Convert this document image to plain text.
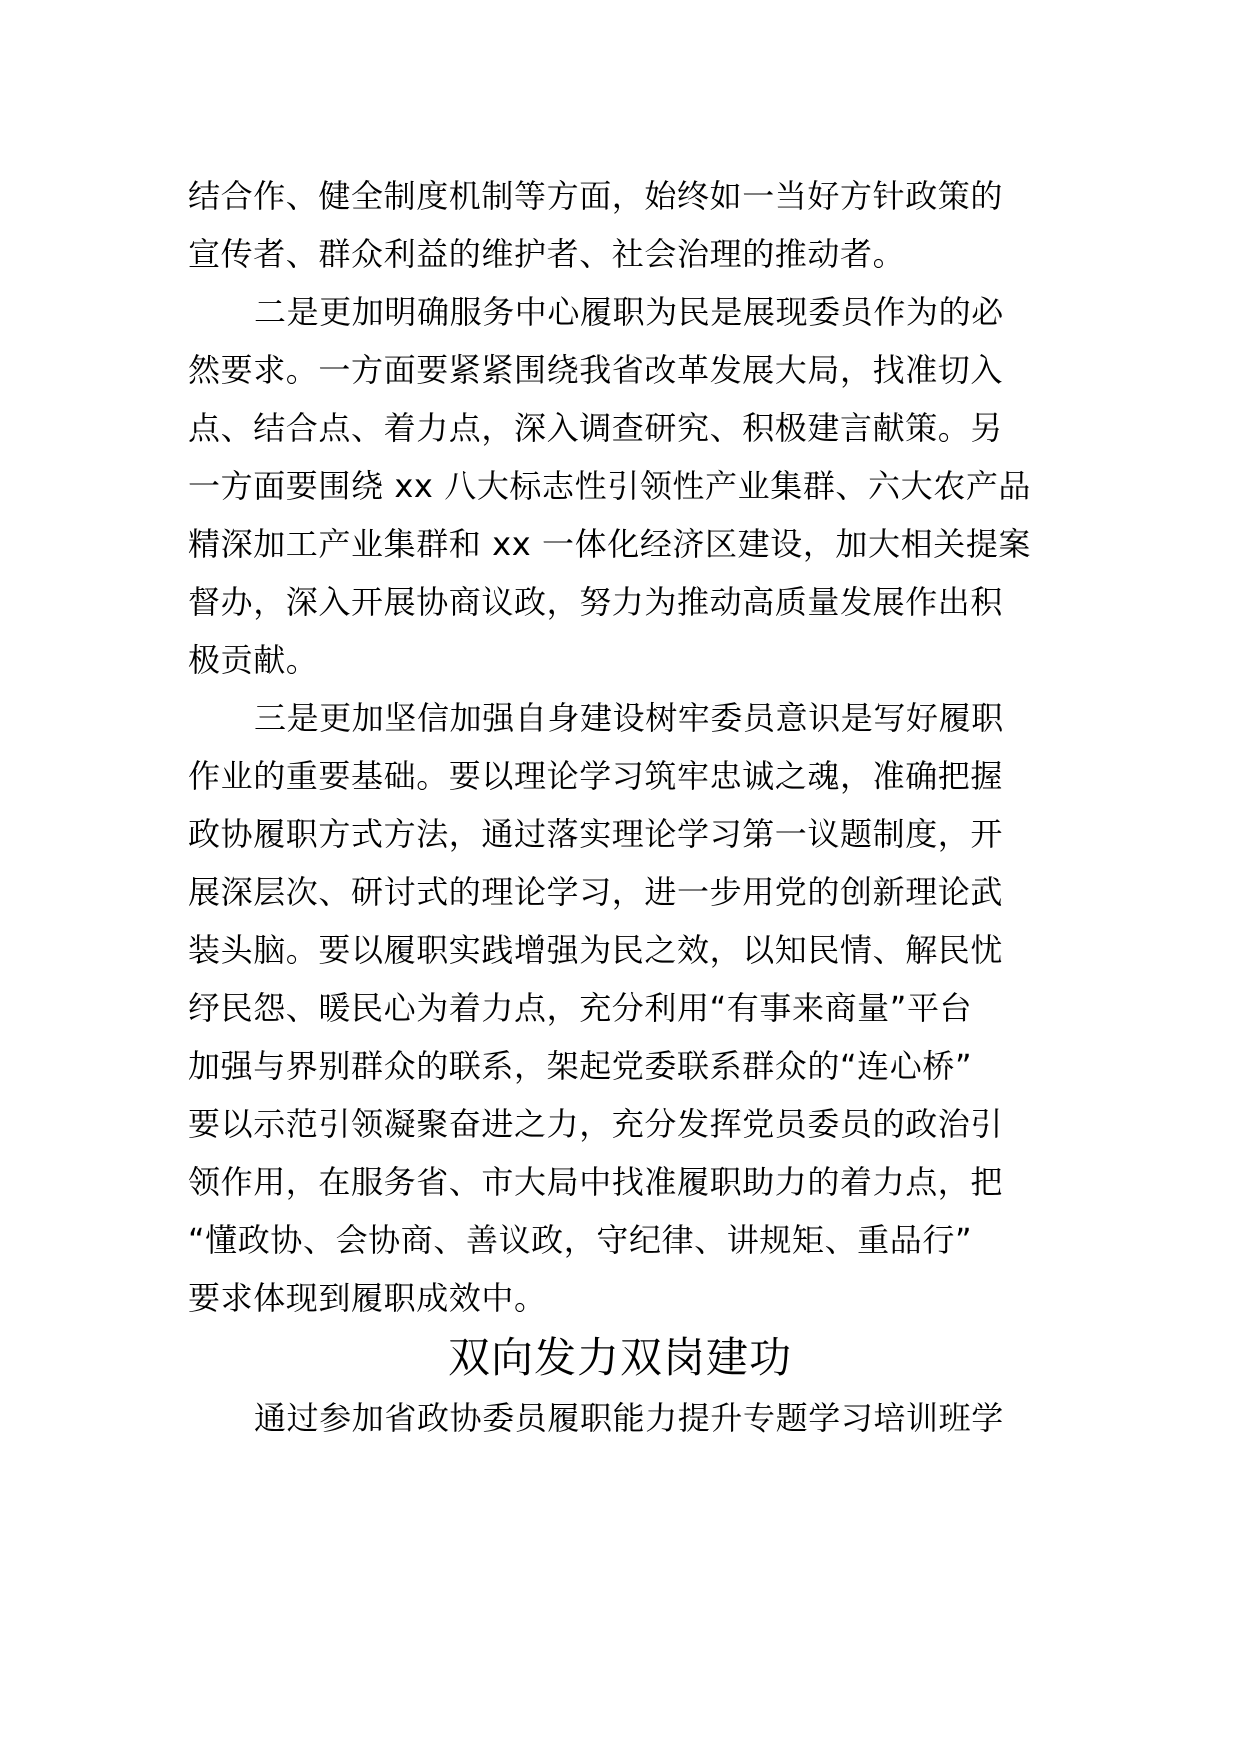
结合作、健全制度机制等方面，始终如一当好方针政策的
宣传者、群众利益的维护者、社会治理的推动者。
二是更加明确服务中心履职为民是展现委员作为的必
然要求。一方面要紧紧围绕我省改革发展大局，找准切入
点、结合点、着力点，深入调查研究、积极建言献策。另
一方面要围绕 xx 八大标志性引领性产业集群、六大农产品
精深加工产业集群和 xx 一体化经济区建设，加大相关提案
督办，深入开展协商议政，努力为推动高质量发展作出积
极贡献。
三是更加坚信加强自身建设树牢委员意识是写好履职
作业的重要基础。要以理论学习筑牢忠诚之魂，准确把握
政协履职方式方法，通过落实理论学习第一议题制度，开
展深层次、研讨式的理论学习，进一步用党的创新理论武
装头脑。要以履职实践增强为民之效，以知民情、解民忧
纾民怨、暖民心为着力点，充分利用“有事来商量”平台
加强与界别群众的联系，架起党委联系群众的“连心桥”
要以示范引领凝聚奋进之力，充分发挥党员委员的政治引
领作用，在服务省、市大局中找准履职助力的着力点，把
“懂政协、会协商、善议政，守纪律、讲规矩、重品行”
要求体现到履职成效中。
双向发力双岗建功
通过参加省政协委员履职能力提升专题学习培训班学
